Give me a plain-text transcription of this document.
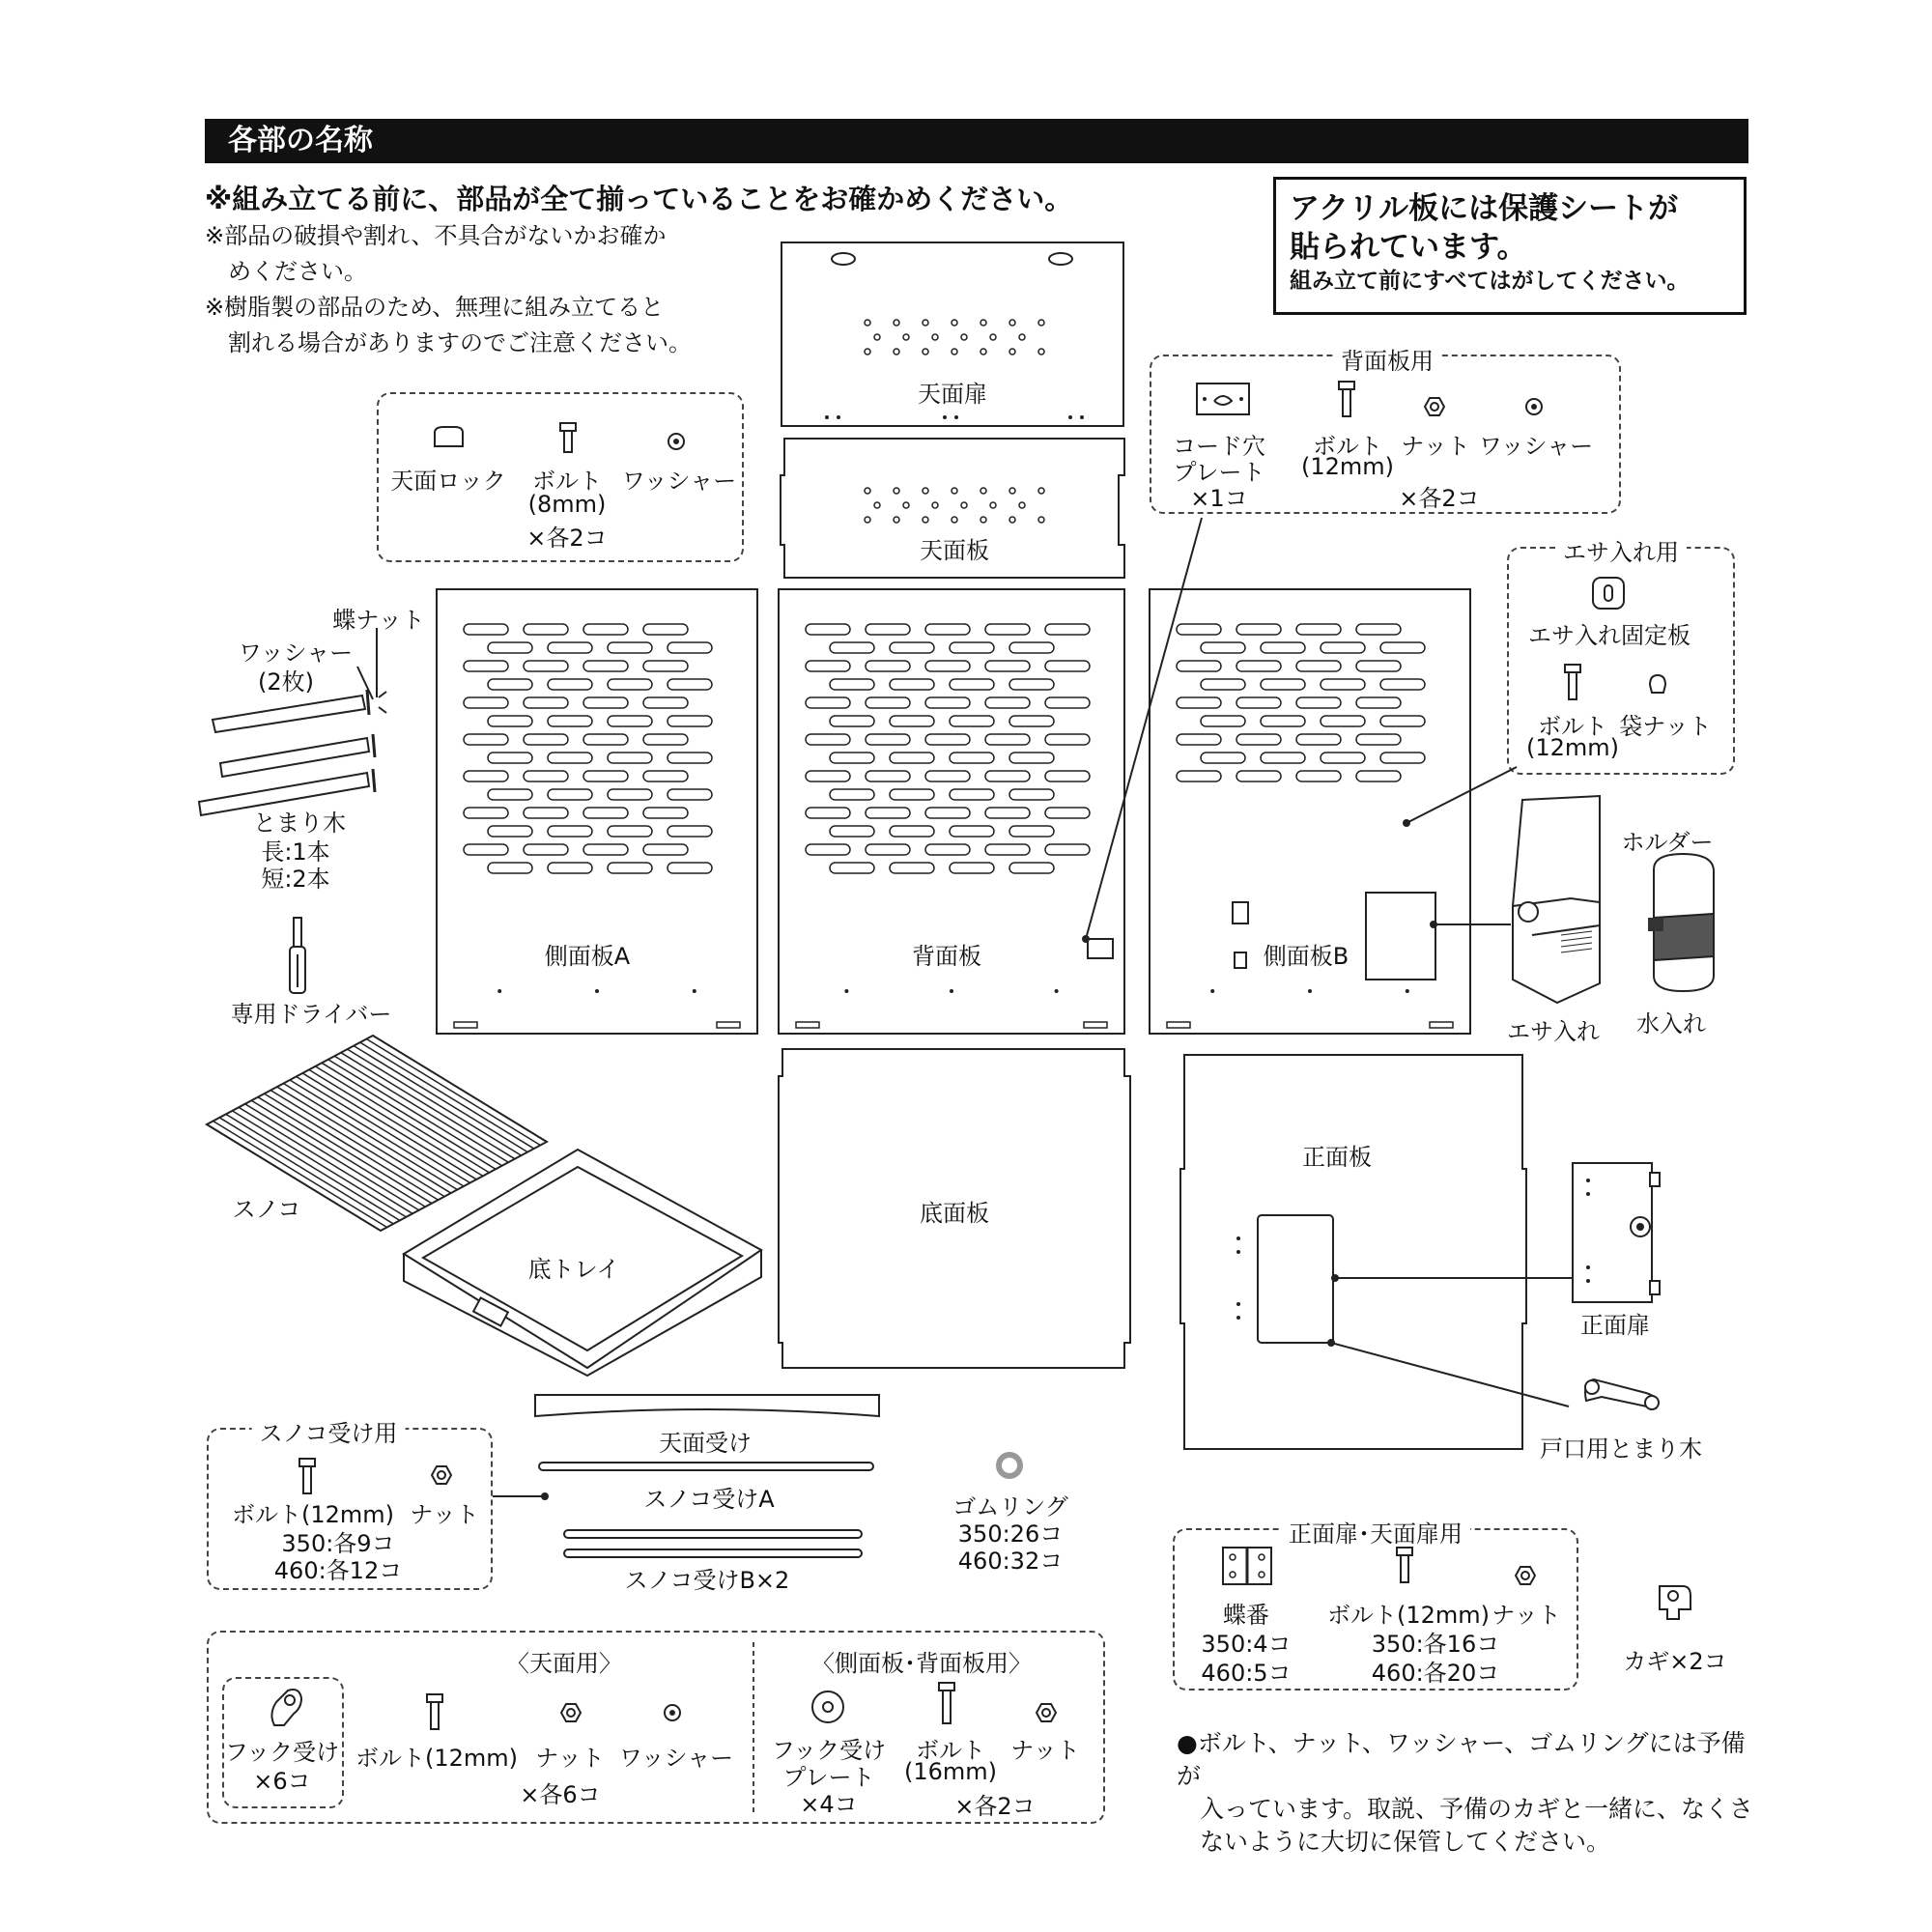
各部の名称
※組み立てる前に、部品が全て揃っていることをお確かめください。
※部品の破損や割れ、不具合がないかお確か
めください。
※樹脂製の部品のため、無理に組み立てると
割れる場合がありますのでご注意ください。
アクリル板には保護シートが
貼られています。
組み立て前にすべてはがしてください。
天面ロック ボルト
(8mm)
×各2コ
ワッシャー
天面扉
天面板
背面板用
コード穴
プレート
×1コ
ボルト
(12mm)
ナット ワッシャー
×各2コ
エサ入れ用
エサ入れ固定板
ボルト
(12mm)
袋ナット
蝶ナット
ワッシャー
(2枚)
とまり木
長:1本
短:2本
専用ドライバー
側面板A	背面板	側面板B
エサ入れ
ホルダー
水入れ
スノコ
底トレイ
底面板
正面板
正面扉
戸口用とまり木
天面受け
スノコ受けA
スノコ受けB×2
ゴムリング
350:26コ
460:32コ
スノコ受け用
ボルト(12mm) ナット
350:各9コ
460:各12コ
正面扉･天面扉用
蝶番
350:4コ
460:5コ
ボルト(12mm) ナット
350:各16コ
460:各20コ	カギ×2コ
〈天面用〉	〈側面板･背面板用〉
フック受け
×6コ
ボルト(12mm) ナット ワッシャー
×各6コ
フック受け
プレート
×4コ
ボルト
(16mm)
ナット
×各2コ
●ボルト、ナット、ワッシャー、ゴムリングには予備が
入っています。取説、予備のカギと一緒に、なくさ
ないように大切に保管してください。
